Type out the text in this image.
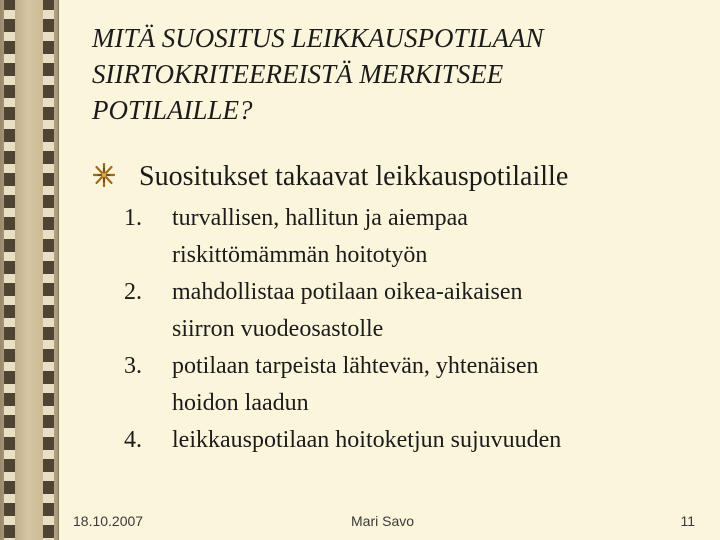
MITÄ SUOSITUS LEIKKAUSPOTILAAN
SIIRTOKRITEEREISTÄ MERKITSEE
POTILAILLE?
Suositukset takaavat leikkauspotilaille
1. turvallisen, hallitun ja aiempaa
riskittömämmän hoitotyön
2. mahdollistaa potilaan oikea-aikaisen
siirron vuodeosastolle
3. potilaan tarpeista lähtevän, yhtenäisen
hoidon laadun
4. leikkauspotilaan hoitoketjun sujuvuuden
18.10.2007	Mari Savo	11
